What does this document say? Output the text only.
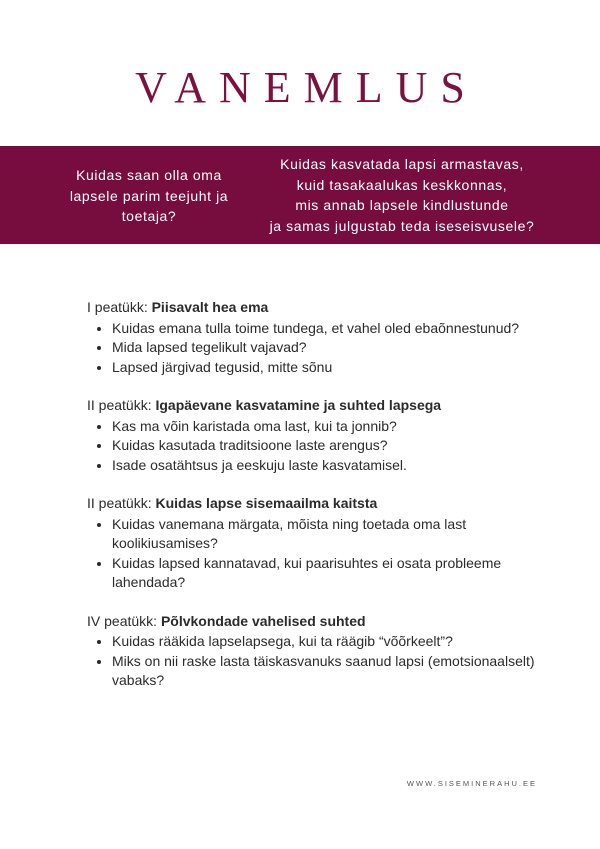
VANEMLUS
Kuidas saan olla oma
lapsele parim teejuht ja
toetaja?
Kuidas kasvatada lapsi armastavas,
kuid tasakaalukas keskkonnas,
mis annab lapsele kindlustunde
ja samas julgustab teda iseseisvusele?
I peatükk: Piisavalt hea ema
• Kuidas emana tulla toime tundega, et vahel oled ebaõnnestunud?
• Mida lapsed tegelikult vajavad?
• Lapsed järgivad tegusid, mitte sõnu
II peatükk: Igapäevane kasvatamine ja suhted lapsega
• Kas ma võin karistada oma last, kui ta jonnib?
• Kuidas kasutada traditsioone laste arengus?
• Isade osatähtsus ja eeskuju laste kasvatamisel.
II peatükk: Kuidas lapse sisemaailma kaitsta
• Kuidas vanemana märgata, mõista ning toetada oma last koolikiusamises?
• Kuidas lapsed kannatavad, kui paarisuhtes ei osata probleeme lahendada?
IV peatükk: Põlvkondade vahelised suhted
• Kuidas rääkida lapselapsega, kui ta räägib “võõrkeelt”?
• Miks on nii raske lasta täiskasvanuks saanud lapsi (emotsionaalselt) vabaks?
WWW.SISEMINERAHU.EE
